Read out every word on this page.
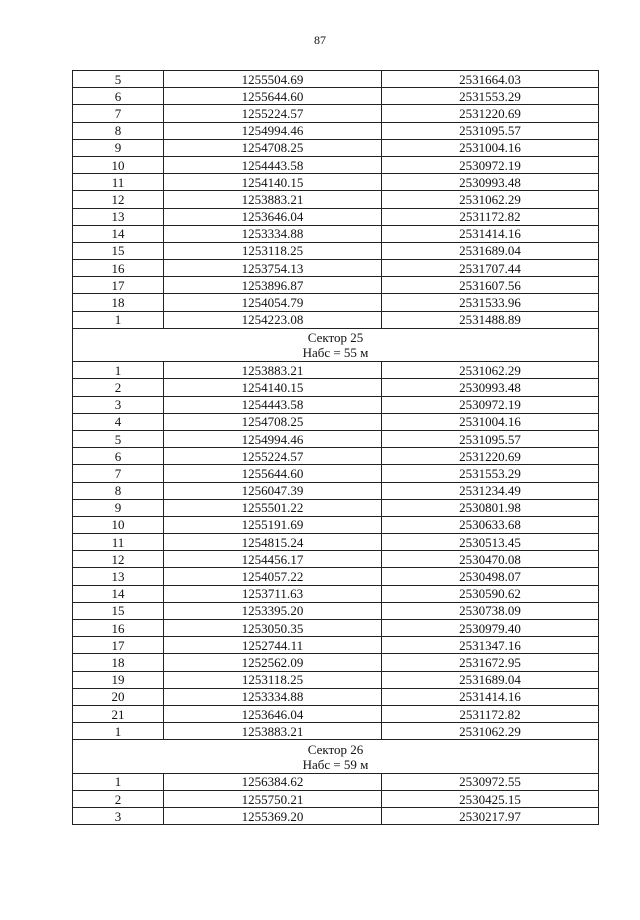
87
5	1255504.69	2531664.03
6	1255644.60	2531553.29
7	1255224.57	2531220.69
8	1254994.46	2531095.57
9	1254708.25	2531004.16
10	1254443.58	2530972.19
11	1254140.15	2530993.48
12	1253883.21	2531062.29
13	1253646.04	2531172.82
14	1253334.88	2531414.16
15	1253118.25	2531689.04
16	1253754.13	2531707.44
17	1253896.87	2531607.56
18	1254054.79	2531533.96
1	1254223.08	2531488.89

Сектор 25
Набс = 55 м		

1	1253883.21	2531062.29
2	1254140.15	2530993.48
3	1254443.58	2530972.19
4	1254708.25	2531004.16
5	1254994.46	2531095.57
6	1255224.57	2531220.69
7	1255644.60	2531553.29
8	1256047.39	2531234.49
9	1255501.22	2530801.98
10	1255191.69	2530633.68
11	1254815.24	2530513.45
12	1254456.17	2530470.08
13	1254057.22	2530498.07
14	1253711.63	2530590.62
15	1253395.20	2530738.09
16	1253050.35	2530979.40
17	1252744.11	2531347.16
18	1252562.09	2531672.95
19	1253118.25	2531689.04
20	1253334.88	2531414.16
21	1253646.04	2531172.82
1	1253883.21	2531062.29

Сектор 26
Набс = 59 м		

1	1256384.62	2530972.55
2	1255750.21	2530425.15
3	1255369.20	2530217.97
